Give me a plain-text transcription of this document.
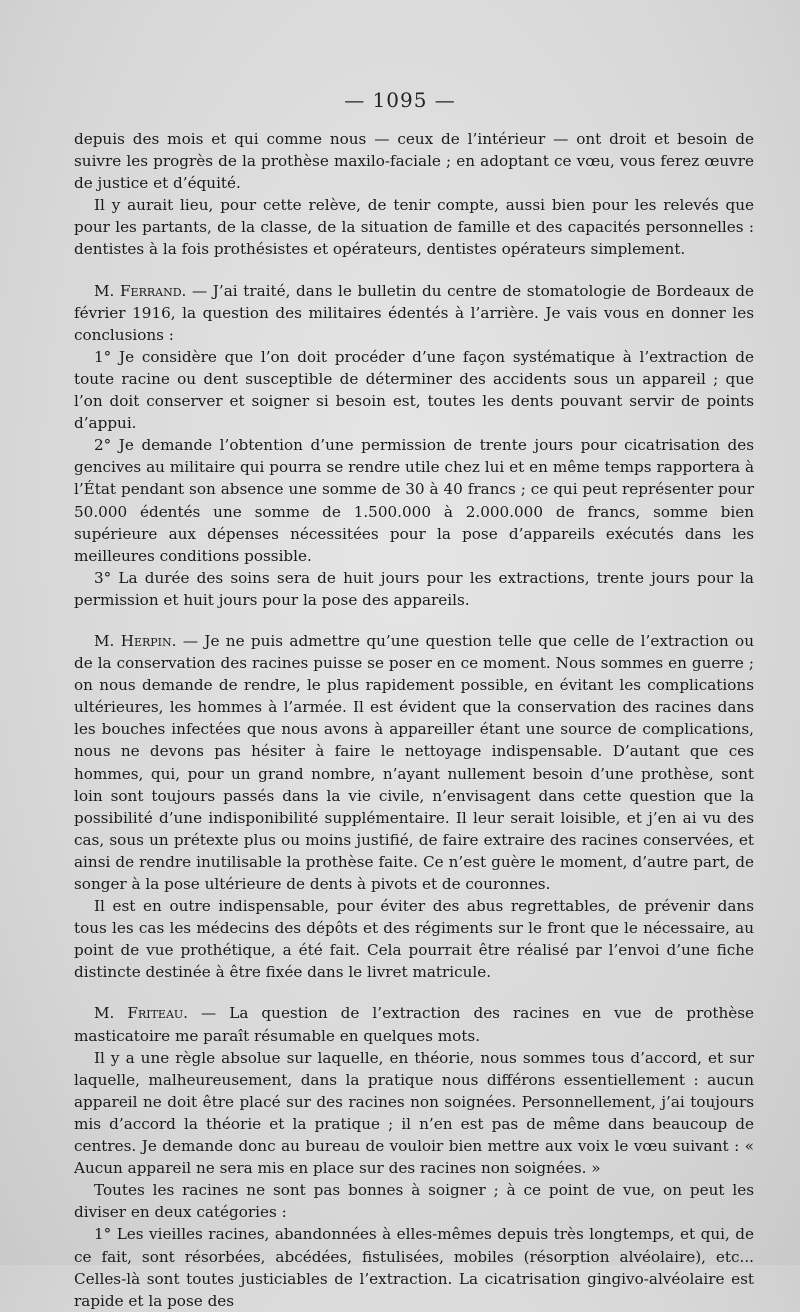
— 1095 —

depuis des mois et qui comme nous — ceux de l’intérieur — ont droit et besoin de suivre les progrès de la prothèse maxilo-faciale ; en adoptant ce vœu, vous ferez œuvre de justice et d’équité.

Il y aurait lieu, pour cette relève, de tenir compte, aussi bien pour les relevés que pour les partants, de la classe, de la situation de famille et des capacités personnelles : dentistes à la fois prothésistes et opérateurs, dentistes opérateurs simplement.

M. Ferrand. — J’ai traité, dans le bulletin du centre de stomatologie de Bordeaux de février 1916, la question des militaires édentés à l’arrière. Je vais vous en donner les conclusions :

1° Je considère que l’on doit procéder d’une façon systématique à l’extraction de toute racine ou dent susceptible de déterminer des accidents sous un appareil ; que l’on doit conserver et soigner si besoin est, toutes les dents pouvant servir de points d’appui.

2° Je demande l’obtention d’une permission de trente jours pour cicatrisation des gencives au militaire qui pourra se rendre utile chez lui et en même temps rapportera à l’État pendant son absence une somme de 30 à 40 francs ; ce qui peut représenter pour 50.000 édentés une somme de 1.500.000 à 2.000.000 de francs, somme bien supérieure aux dépenses nécessitées pour la pose d’appareils exécutés dans les meilleures conditions possible.

3° La durée des soins sera de huit jours pour les extractions, trente jours pour la permission et huit jours pour la pose des appareils.

M. Herpin. — Je ne puis admettre qu’une question telle que celle de l’extraction ou de la conservation des racines puisse se poser en ce moment. Nous sommes en guerre ; on nous demande de rendre, le plus rapidement possible, en évitant les complications ultérieures, les hommes à l’armée. Il est évident que la conservation des racines dans les bouches infectées que nous avons à appareiller étant une source de complications, nous ne devons pas hésiter à faire le nettoyage indispensable. D’autant que ces hommes, qui, pour un grand nombre, n’ayant nullement besoin d’une prothèse, sont loin sont toujours passés dans la vie civile, n’envisagent dans cette question que la possibilité d’une indisponibilité supplémentaire. Il leur serait loisible, et j’en ai vu des cas, sous un prétexte plus ou moins justifié, de faire extraire des racines conservées, et ainsi de rendre inutilisable la prothèse faite. Ce n’est guère le moment, d’autre part, de songer à la pose ultérieure de dents à pivots et de couronnes.

Il est en outre indispensable, pour éviter des abus regrettables, de prévenir dans tous les cas les médecins des dépôts et des régiments sur le front que le nécessaire, au point de vue prothétique, a été fait. Cela pourrait être réalisé par l’envoi d’une fiche distincte destinée à être fixée dans le livret matricule.

M. Friteau. — La question de l’extraction des racines en vue de prothèse masticatoire me paraît résumable en quelques mots.

Il y a une règle absolue sur laquelle, en théorie, nous sommes tous d’accord, et sur laquelle, malheureusement, dans la pratique nous différons essentiellement : aucun appareil ne doit être placé sur des racines non soignées. Personnellement, j’ai toujours mis d’accord la théorie et la pratique ; il n’en est pas de même dans beaucoup de centres. Je demande donc au bureau de vouloir bien mettre aux voix le vœu suivant : « Aucun appareil ne sera mis en place sur des racines non soignées. »

Toutes les racines ne sont pas bonnes à soigner ; à ce point de vue, on peut les diviser en deux catégories :

1° Les vieilles racines, abandonnées à elles-mêmes depuis très longtemps, et qui, de ce fait, sont résorbées, abcédées, fistulisées, mobiles (résorption alvéolaire), etc... Celles-là sont toutes justiciables de l’extraction. La cicatrisation gingivo-alvéolaire est rapide et la pose des
